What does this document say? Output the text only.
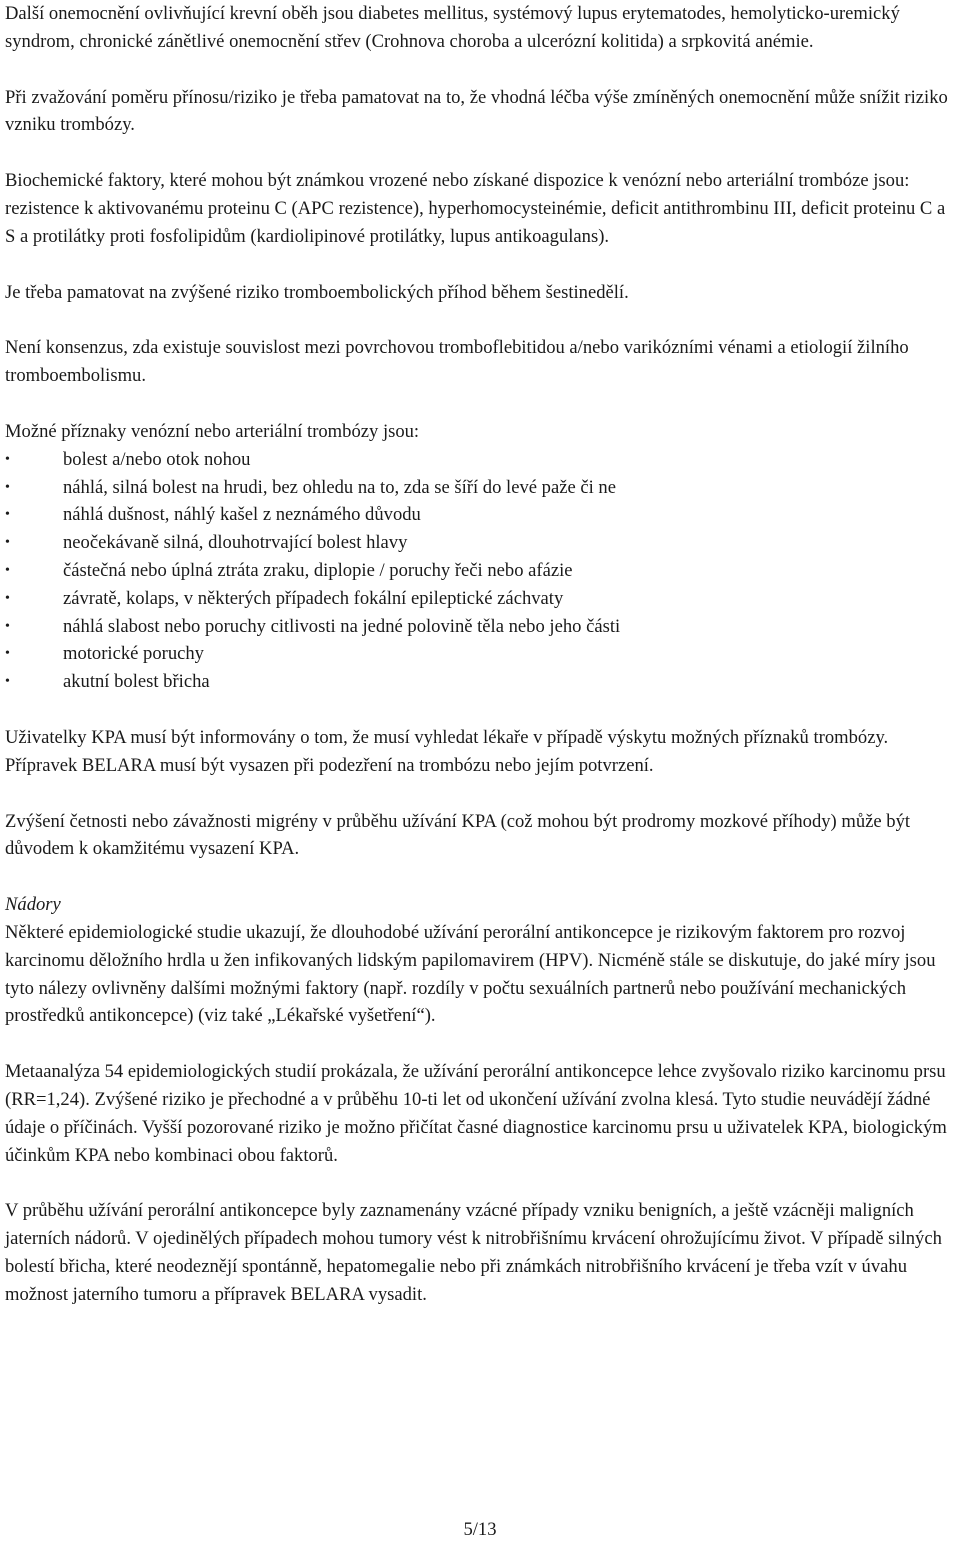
Další onemocnění ovlivňující krevní oběh jsou diabetes mellitus, systémový lupus erytematodes, hemolyticko-uremický syndrom, chronické zánětlivé onemocnění střev (Crohnova choroba a ulcerózní kolitida) a srpkovitá anémie.

Při zvažování poměru přínosu/riziko je třeba pamatovat na to, že vhodná léčba výše zmíněných onemocnění může snížit riziko vzniku trombózy.

Biochemické faktory, které mohou být známkou vrozené nebo získané dispozice k venózní nebo arteriální trombóze jsou: rezistence k aktivovanému proteinu C (APC rezistence), hyperhomocysteinémie, deficit antithrombinu III, deficit proteinu C a S a protilátky proti fosfolipidům (kardiolipinové protilátky, lupus antikoagulans).

Je třeba pamatovat na zvýšené riziko tromboembolických příhod během šestinedělí.

Není konsenzus, zda existuje souvislost mezi povrchovou tromboflebitidou a/nebo varikózními vénami a etiologií žilního tromboembolismu.

Možné příznaky venózní nebo arteriální trombózy jsou:

•	bolest a/nebo otok nohou
•	náhlá, silná bolest na hrudi, bez ohledu na to, zda se šíří do levé paže či ne
•	náhlá dušnost, náhlý kašel z neznámého důvodu
•	neočekávaně silná, dlouhotrvající bolest hlavy
•	částečná nebo úplná ztráta zraku, diplopie / poruchy řeči nebo afázie
•	závratě, kolaps, v některých případech fokální epileptické záchvaty
•	náhlá slabost nebo poruchy citlivosti na jedné polovině těla nebo jeho části
•	motorické poruchy
•	akutní bolest břicha

Uživatelky KPA musí být informovány o tom, že musí vyhledat lékaře v případě výskytu možných příznaků trombózy. Přípravek BELARA musí být vysazen při podezření na trombózu nebo jejím potvrzení.

Zvýšení četnosti nebo závažnosti migrény v průběhu užívání KPA (což mohou být prodromy mozkové příhody) může být důvodem k okamžitému vysazení KPA.

Nádory

Některé epidemiologické studie ukazují, že dlouhodobé užívání perorální antikoncepce je rizikovým faktorem pro rozvoj karcinomu děložního hrdla u žen infikovaných lidským papilomavirem (HPV). Nicméně stále se diskutuje, do jaké míry jsou tyto nálezy ovlivněny dalšími možnými faktory (např. rozdíly v počtu sexuálních partnerů nebo používání mechanických prostředků antikoncepce) (viz také „Lékařské vyšetření“).

Metaanalýza 54 epidemiologických studií prokázala, že užívání perorální antikoncepce lehce zvyšovalo riziko karcinomu prsu (RR=1,24). Zvýšené riziko je přechodné a v průběhu 10-ti let od ukončení užívání zvolna klesá. Tyto studie neuvádějí žádné údaje o příčinách. Vyšší pozorované riziko je možno přičítat časné diagnostice karcinomu prsu u uživatelek KPA, biologickým účinkům KPA nebo kombinaci obou faktorů.

V průběhu užívání perorální antikoncepce byly zaznamenány vzácné případy vzniku benigních, a ještě vzácněji maligních jaterních nádorů. V ojedinělých případech mohou tumory vést k nitrobřišnímu krvácení ohrožujícímu život. V případě silných bolestí břicha, které neodeznějí spontánně, hepatomegalie nebo při známkách nitrobřišního krvácení je třeba vzít v úvahu možnost jaterního tumoru a přípravek BELARA vysadit.

5/13
